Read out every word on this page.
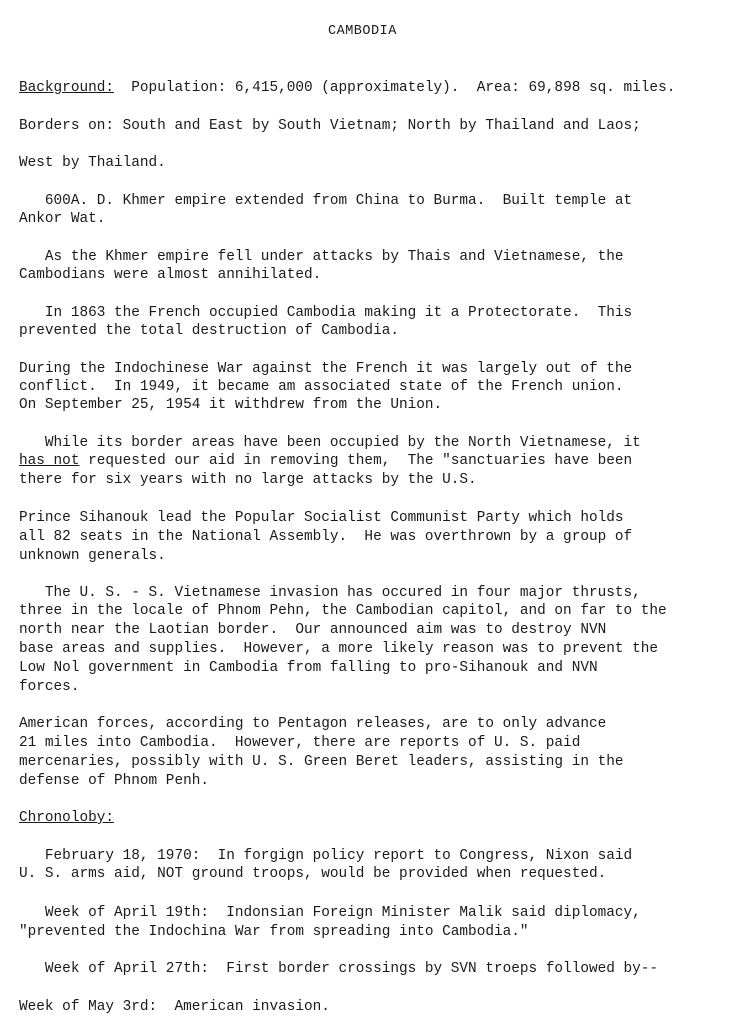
CAMBODIA
Background: Population: 6,415,000 (approximately).  Area: 69,898 sq. miles.
Borders on: South and East by South Vietnam; North by Thailand and Laos;
West by Thailand.
600A. D. Khmer empire extended from China to Burma.  Built temple at
Ankor Wat.
As the Khmer empire fell under attacks by Thais and Vietnamese, the
Cambodians were almost annihilated.
In 1863 the French occupied Cambodia making it a Protectorate.  This
prevented the total destruction of Cambodia.
During the Indochinese War against the French it was largely out of the
conflict.  In 1949, it became am associated state of the French union.
On September 25, 1954 it withdrew from the Union.
While its border areas have been occupied by the North Vietnamese, it
has not requested our aid in removing them,  The "sanctuaries have been
there for six years with no large attacks by the U.S.
Prince Sihanouk lead the Popular Socialist Communist Party which holds
all 82 seats in the National Assembly.  He was overthrown by a group of
unknown generals.
The U. S. - S. Vietnamese invasion has occured in four major thrusts,
three in the locale of Phnom Pehn, the Cambodian capitol, and on far to the
north near the Laotian border.  Our announced aim was to destroy NVN
base areas and supplies.  However, a more likely reason was to prevent the
Low Nol government in Cambodia from falling to pro-Sihanouk and NVN
forces.
American forces, according to Pentagon releases, are to only advance
21 miles into Cambodia.  However, there are reports of U. S. paid
mercenaries, possibly with U. S. Green Beret leaders, assisting in the
defense of Phnom Penh.
Chronoloby:
February 18, 1970:  In forgign policy report to Congress, Nixon said
U. S. arms aid, NOT ground troops, would be provided when requested.
Week of April 19th:  Indonsian Foreign Minister Malik said diplomacy,
"prevented the Indochina War from spreading into Cambodia."
Week of April 27th:  First border crossings by SVN troeps followed by--
Week of May 3rd:  American invasion.
